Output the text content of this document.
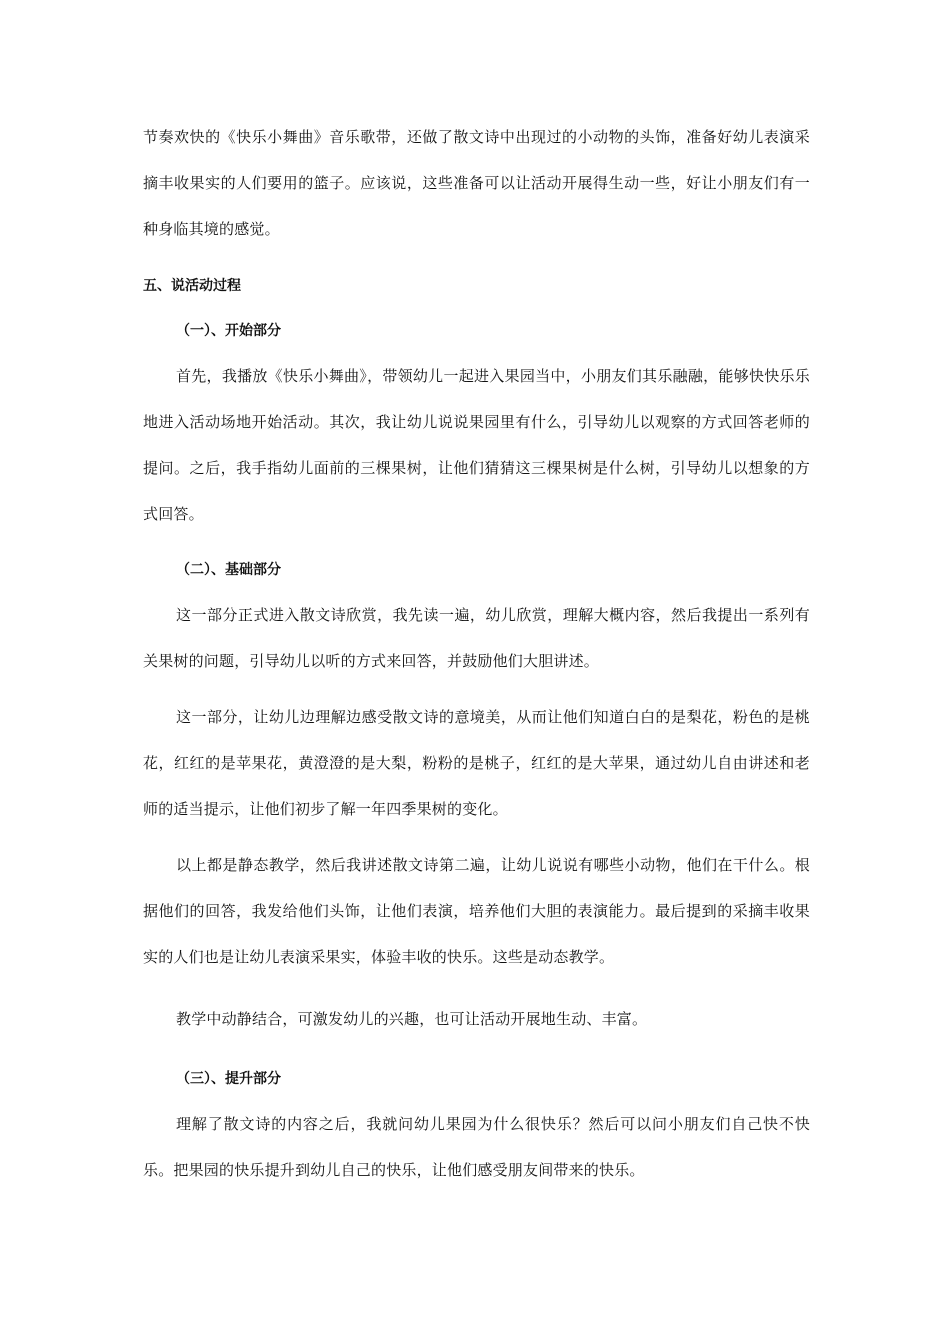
节奏欢快的《快乐小舞曲》音乐歌带，还做了散文诗中出现过的小动物的头饰，准备好幼儿表演采摘丰收果实的人们要用的篮子。应该说，这些准备可以让活动开展得生动一些，好让小朋友们有一种身临其境的感觉。

五、说活动过程
（一）、开始部分

首先，我播放《快乐小舞曲》，带领幼儿一起进入果园当中，小朋友们其乐融融，能够快快乐乐地进入活动场地开始活动。其次，我让幼儿说说果园里有什么，引导幼儿以观察的方式回答老师的提问。之后，我手指幼儿面前的三棵果树，让他们猜猜这三棵果树是什么树，引导幼儿以想象的方式回答。

（二）、基础部分

这一部分正式进入散文诗欣赏，我先读一遍，幼儿欣赏，理解大概内容，然后我提出一系列有关果树的问题，引导幼儿以听的方式来回答，并鼓励他们大胆讲述。

这一部分，让幼儿边理解边感受散文诗的意境美，从而让他们知道白白的是梨花，粉色的是桃花，红红的是苹果花，黄澄澄的是大梨，粉粉的是桃子，红红的是大苹果，通过幼儿自由讲述和老师的适当提示，让他们初步了解一年四季果树的变化。

以上都是静态教学，然后我讲述散文诗第二遍，让幼儿说说有哪些小动物，他们在干什么。根据他们的回答，我发给他们头饰，让他们表演，培养他们大胆的表演能力。最后提到的采摘丰收果实的人们也是让幼儿表演采果实，体验丰收的快乐。这些是动态教学。

教学中动静结合，可激发幼儿的兴趣，也可让活动开展地生动、丰富。

（三）、提升部分

理解了散文诗的内容之后，我就问幼儿果园为什么很快乐？然后可以问小朋友们自己快不快乐。把果园的快乐提升到幼儿自己的快乐，让他们感受朋友间带来的快乐。
